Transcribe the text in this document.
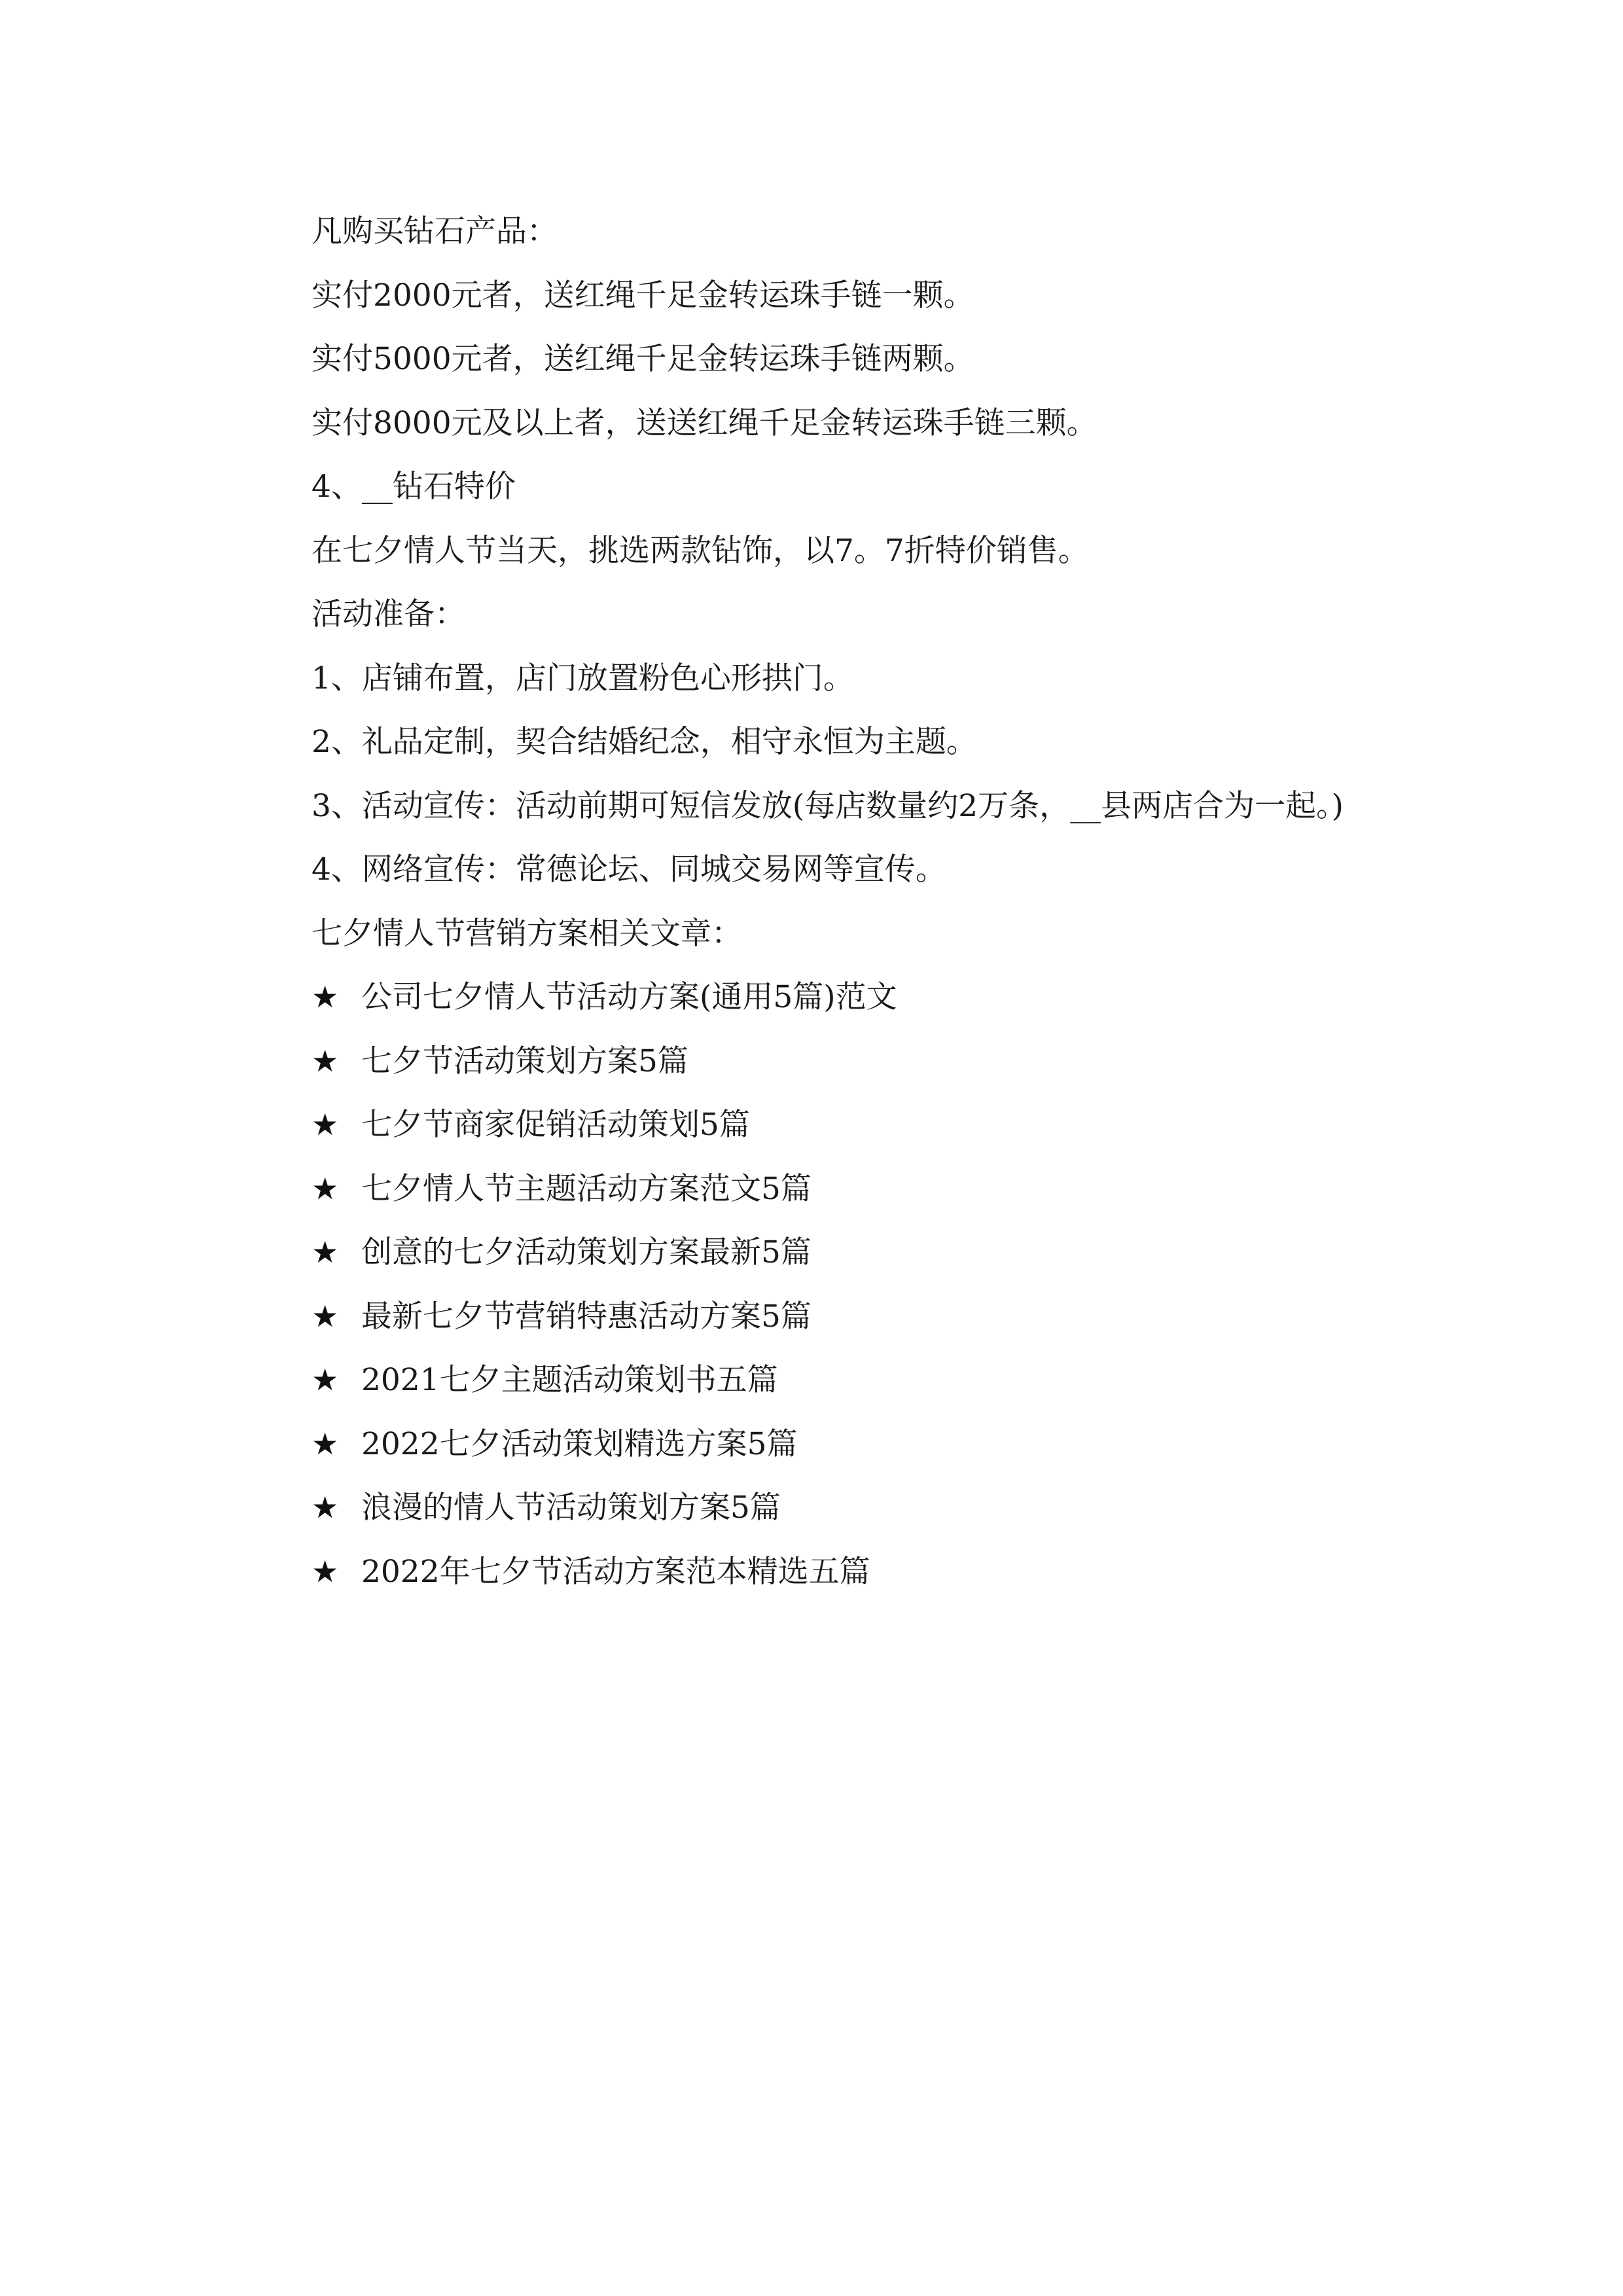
凡购买钻石产品：
实付2000元者，送红绳千足金转运珠手链一颗。
实付5000元者，送红绳千足金转运珠手链两颗。
实付8000元及以上者，送送红绳千足金转运珠手链三颗。
4、__钻石特价
在七夕情人节当天，挑选两款钻饰，以7。7折特价销售。
活动准备：
1、店铺布置，店门放置粉色心形拱门。
2、礼品定制，契合结婚纪念，相守永恒为主题。
3、活动宣传：活动前期可短信发放(每店数量约2万条，__县两店合为一起。)
4、网络宣传：常德论坛、同城交易网等宣传。
七夕情人节营销方案相关文章：
★ 公司七夕情人节活动方案(通用5篇)范文
★ 七夕节活动策划方案5篇
★ 七夕节商家促销活动策划5篇
★ 七夕情人节主题活动方案范文5篇
★ 创意的七夕活动策划方案最新5篇
★ 最新七夕节营销特惠活动方案5篇
★ 2021七夕主题活动策划书五篇
★ 2022七夕活动策划精选方案5篇
★ 浪漫的情人节活动策划方案5篇
★ 2022年七夕节活动方案范本精选五篇
